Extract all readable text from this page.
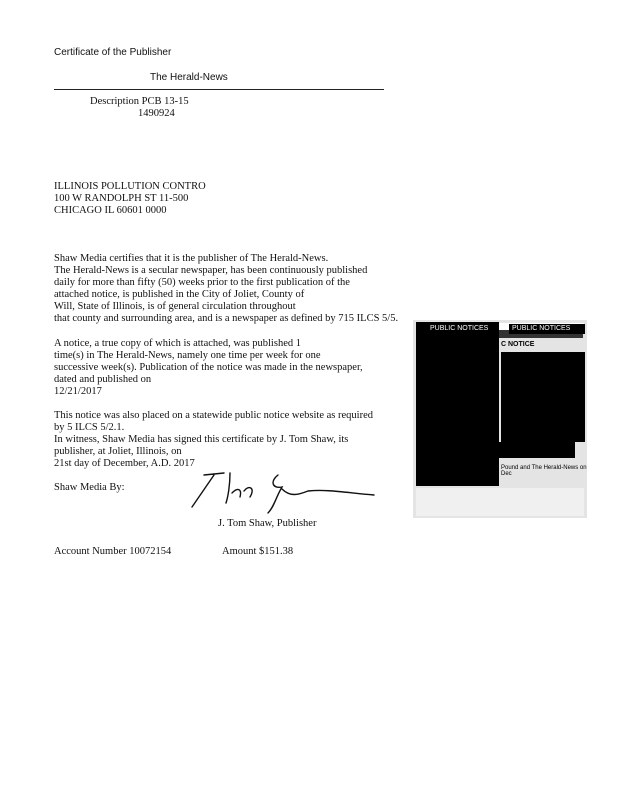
Certificate of the Publisher
The Herald-News
Description PCB 13-15
1490924
ILLINOIS POLLUTION CONTRO
100 W RANDOLPH ST 11-500
CHICAGO IL 60601 0000
Shaw Media certifies that it is the publisher of The Herald-News.
The Herald-News is a secular newspaper, has been continuously published
daily for more than fifty (50) weeks prior to the first publication of the
attached notice, is published in the City of Joliet, County of
Will, State of Illinois, is of general circulation throughout
that county and surrounding area, and is a newspaper as defined by 715 ILCS 5/5.
A notice, a true copy of which is attached, was published 1
time(s) in The Herald-News, namely one time per week for one
successive week(s). Publication of the notice was made in the newspaper,
dated and published on
12/21/2017
This notice was also placed on a statewide public notice website as required
by 5 ILCS 5/2.1.
In witness, Shaw Media has signed this certificate by J. Tom Shaw, its
publisher, at Joliet, Illinois, on
21st day of December, A.D. 2017
Shaw Media By:
J. Tom Shaw, Publisher
Account Number 10072154	Amount $151.38
PUBLIC NOTICES	PUBLIC NOTICES
C NOTICE
Pound and The Herald-News on Dec
